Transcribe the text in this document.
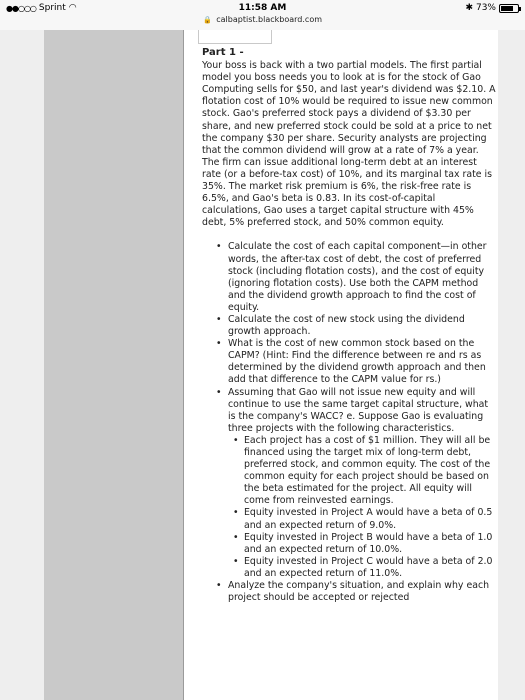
●●○○○ Sprint ◠	11:58 AM	✱ 73%
🔒 calbaptist.blackboard.com
Part 1 -
Your boss is back with a two partial models. The first partial model you boss needs you to look at is for the stock of Gao Computing sells for $50, and last year's dividend was $2.10. A flotation cost of 10% would be required to issue new common stock. Gao's preferred stock pays a dividend of $3.30 per share, and new preferred stock could be sold at a price to net the company $30 per share. Security analysts are projecting that the common dividend will grow at a rate of 7% a year. The firm can issue additional long-term debt at an interest rate (or a before-tax cost) of 10%, and its marginal tax rate is 35%. The market risk premium is 6%, the risk-free rate is 6.5%, and Gao's beta is 0.83. In its cost-of-capital calculations, Gao uses a target capital structure with 45% debt, 5% preferred stock, and 50% common equity.
• Calculate the cost of each capital component—in other words, the after-tax cost of debt, the cost of preferred stock (including flotation costs), and the cost of equity (ignoring flotation costs). Use both the CAPM method and the dividend growth approach to find the cost of equity.
• Calculate the cost of new stock using the dividend growth approach.
• What is the cost of new common stock based on the CAPM? (Hint: Find the difference between re and rs as determined by the dividend growth approach and then add that difference to the CAPM value for rs.)
• Assuming that Gao will not issue new equity and will continue to use the same target capital structure, what is the company's WACC? e. Suppose Gao is evaluating three projects with the following characteristics.
• Each project has a cost of $1 million. They will all be financed using the target mix of long-term debt, preferred stock, and common equity. The cost of the common equity for each project should be based on the beta estimated for the project. All equity will come from reinvested earnings.
• Equity invested in Project A would have a beta of 0.5 and an expected return of 9.0%.
• Equity invested in Project B would have a beta of 1.0 and an expected return of 10.0%.
• Equity invested in Project C would have a beta of 2.0 and an expected return of 11.0%.
• Analyze the company's situation, and explain why each project should be accepted or rejected
